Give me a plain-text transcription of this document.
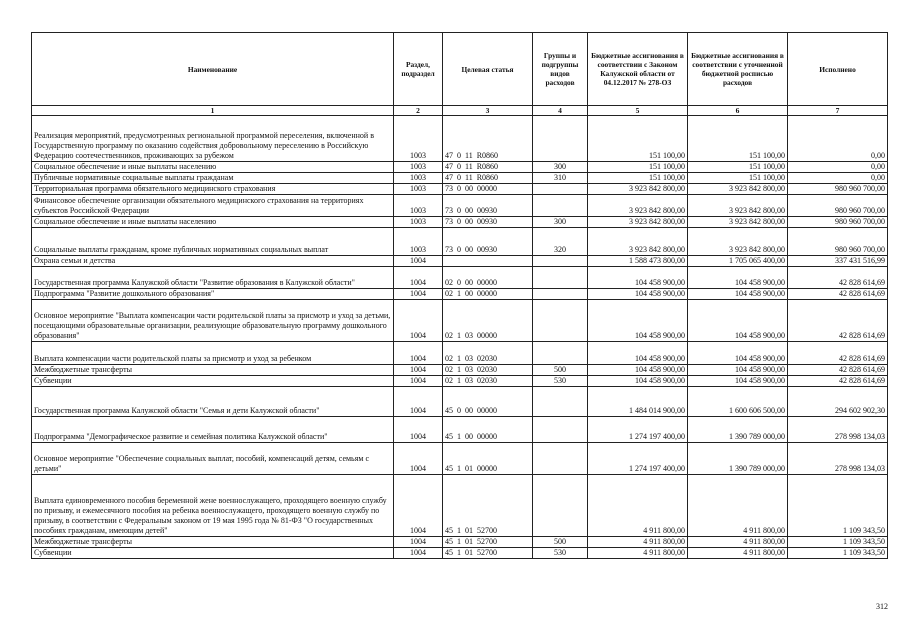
Наименование	Раздел, подраздел	Целевая статья	Группы и подгруппы видов расходов	Бюджетные ассигнования в соответствии с Законом Калужской области от 04.12.2017 № 278-ОЗ	Бюджетные ассигнования в соответствии с уточненной бюджетной росписью расходов	Исполнено
1	2	3	4	5	6	7
Реализация мероприятий, предусмотренных региональной программой переселения, включенной в Государственную программу по оказанию содействия добровольному переселению в Российскую Федерацию соотечественников, проживающих за рубежом	1003	47 0 11 R0860		151 100,00	151 100,00	0,00
Социальное обеспечение и иные выплаты населению	1003	47 0 11 R0860	300	151 100,00	151 100,00	0,00
Публичные нормативные социальные выплаты гражданам	1003	47 0 11 R0860	310	151 100,00	151 100,00	0,00
Территориальная программа обязательного медицинского страхования	1003	73 0 00 00000		3 923 842 800,00	3 923 842 800,00	980 960 700,00
Финансовое обеспечение организации обязательного медицинского страхования на территориях субъектов Российской Федерации	1003	73 0 00 00930		3 923 842 800,00	3 923 842 800,00	980 960 700,00
Социальное обеспечение и иные выплаты населению	1003	73 0 00 00930	300	3 923 842 800,00	3 923 842 800,00	980 960 700,00
Социальные выплаты гражданам, кроме публичных нормативных социальных выплат	1003	73 0 00 00930	320	3 923 842 800,00	3 923 842 800,00	980 960 700,00
Охрана семьи и детства	1004			1 588 473 800,00	1 705 065 400,00	337 431 516,99
Государственная программа Калужской области "Развитие образования в Калужской области"	1004	02 0 00 00000		104 458 900,00	104 458 900,00	42 828 614,69
Подпрограмма "Развитие дошкольного образования"	1004	02 1 00 00000		104 458 900,00	104 458 900,00	42 828 614,69
Основное мероприятие "Выплата компенсации части родительской платы за присмотр и уход за детьми, посещающими образовательные организации, реализующие образовательную программу дошкольного образования"	1004	02 1 03 00000		104 458 900,00	104 458 900,00	42 828 614,69
Выплата компенсации части родительской платы за присмотр и уход за ребенком	1004	02 1 03 02030		104 458 900,00	104 458 900,00	42 828 614,69
Межбюджетные трансферты	1004	02 1 03 02030	500	104 458 900,00	104 458 900,00	42 828 614,69
Субвенции	1004	02 1 03 02030	530	104 458 900,00	104 458 900,00	42 828 614,69
Государственная программа Калужской области "Семья и дети Калужской области"	1004	45 0 00 00000		1 484 014 900,00	1 600 606 500,00	294 602 902,30
Подпрограмма "Демографическое развитие и семейная политика Калужской области"	1004	45 1 00 00000		1 274 197 400,00	1 390 789 000,00	278 998 134,03
Основное мероприятие "Обеспечение социальных выплат, пособий, компенсаций детям, семьям с детьми"	1004	45 1 01 00000		1 274 197 400,00	1 390 789 000,00	278 998 134,03
Выплата единовременного пособия беременной жене военнослужащего, проходящего военную службу по призыву, и ежемесячного пособия на ребенка военнослужащего, проходящего военную службу по призыву, в соответствии с Федеральным законом от 19 мая 1995 года № 81-ФЗ "О государственных пособиях гражданам, имеющим детей"	1004	45 1 01 52700		4 911 800,00	4 911 800,00	1 109 343,50
Межбюджетные трансферты	1004	45 1 01 52700	500	4 911 800,00	4 911 800,00	1 109 343,50
Субвенции	1004	45 1 01 52700	530	4 911 800,00	4 911 800,00	1 109 343,50
312
